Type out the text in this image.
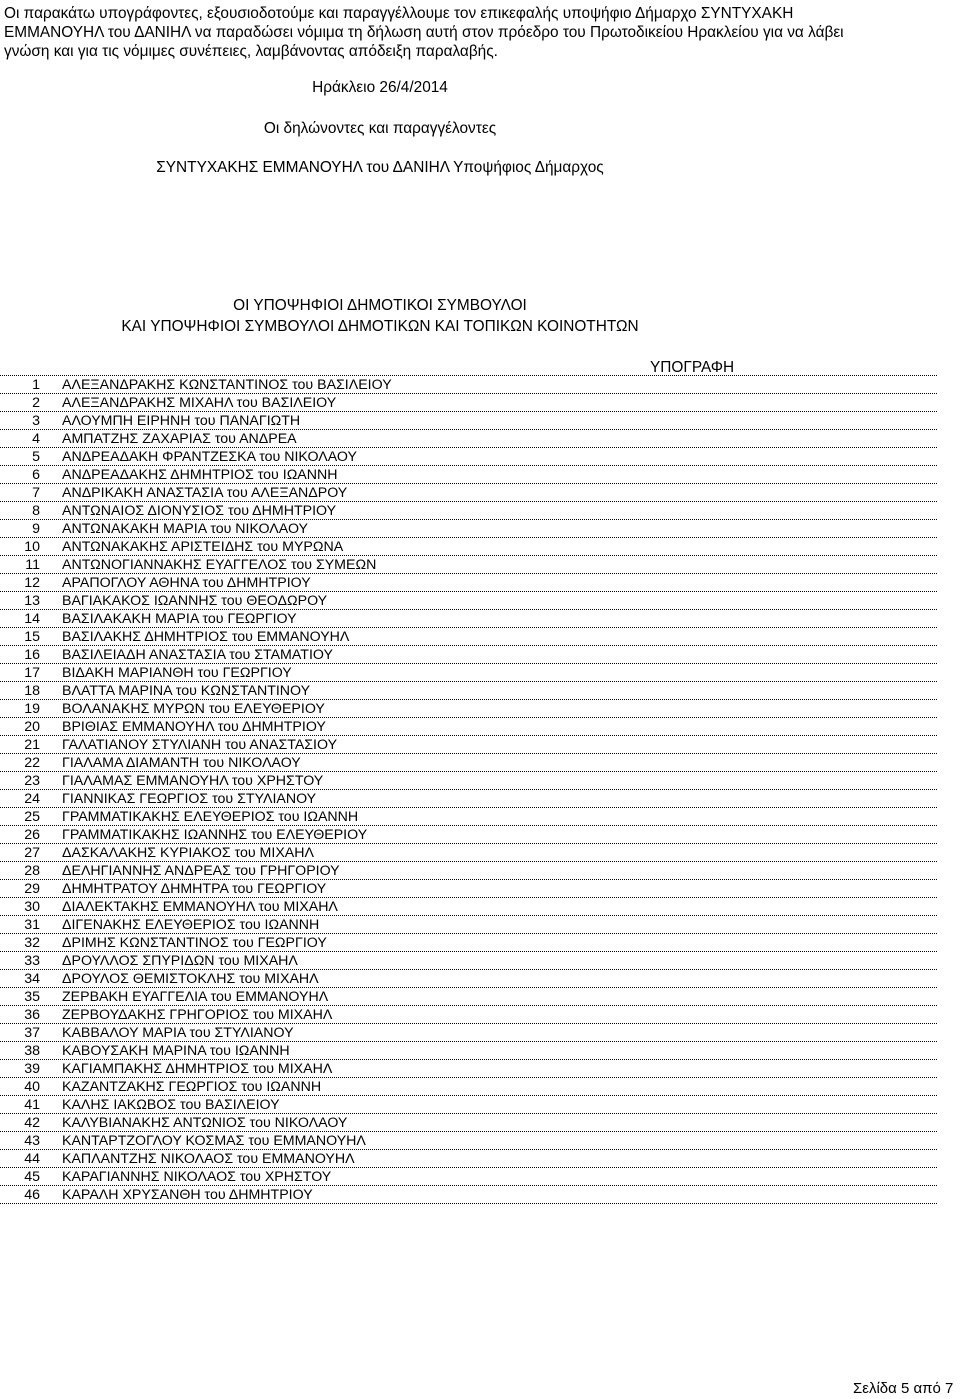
Οι παρακάτω υπογράφοντες, εξουσιοδοτούμε και παραγγέλλουμε τον επικεφαλής υποψήφιο Δήμαρχο ΣΥΝΤΥΧΑΚΗ
ΕΜΜΑΝΟΥΗΛ του ΔΑΝΙΗΛ να παραδώσει νόμιμα τη δήλωση αυτή στον πρόεδρο του Πρωτοδικείου Ηρακλείου για να λάβει
γνώση και για τις νόμιμες συνέπειες, λαμβάνοντας απόδειξη παραλαβής.
Ηράκλειο 26/4/2014
Οι δηλώνοντες και παραγγέλοντες
ΣΥΝΤΥΧΑΚΗΣ ΕΜΜΑΝΟΥΗΛ του ΔΑΝΙΗΛ Υποψήφιος Δήμαρχος
ΟΙ ΥΠΟΨΗΦΙΟΙ ΔΗΜΟΤΙΚΟΙ ΣΥΜΒΟΥΛΟΙ
ΚΑΙ ΥΠΟΨΗΦΙΟΙ ΣΥΜΒΟΥΛΟΙ ΔΗΜΟΤΙΚΩΝ ΚΑΙ ΤΟΠΙΚΩΝ ΚΟΙΝΟΤΗΤΩΝ
ΥΠΟΓΡΑΦΗ
1 ΑΛΕΞΑΝΔΡΑΚΗΣ ΚΩΝΣΤΑΝΤΙΝΟΣ του ΒΑΣΙΛΕΙΟΥ
2 ΑΛΕΞΑΝΔΡΑΚΗΣ ΜΙΧΑΗΛ του ΒΑΣΙΛΕΙΟΥ
3 ΑΛΟΥΜΠΗ ΕΙΡΗΝΗ του ΠΑΝΑΓΙΩΤΗ
4 ΑΜΠΑΤΖΗΣ ΖΑΧΑΡΙΑΣ του ΑΝΔΡΕΑ
5 ΑΝΔΡΕΑΔΑΚΗ ΦΡΑΝΤΖΕΣΚΑ του ΝΙΚΟΛΑΟΥ
6 ΑΝΔΡΕΑΔΑΚΗΣ ΔΗΜΗΤΡΙΟΣ του ΙΩΑΝΝΗ
7 ΑΝΔΡΙΚΑΚΗ ΑΝΑΣΤΑΣΙΑ του ΑΛΕΞΑΝΔΡΟΥ
8 ΑΝΤΩΝΑΙΟΣ ΔΙΟΝΥΣΙΟΣ του ΔΗΜΗΤΡΙΟΥ
9 ΑΝΤΩΝΑΚΑΚΗ ΜΑΡΙΑ του ΝΙΚΟΛΑΟΥ
10 ΑΝΤΩΝΑΚΑΚΗΣ ΑΡΙΣΤΕΙΔΗΣ του ΜΥΡΩΝΑ
11 ΑΝΤΩΝΟΓΙΑΝΝΑΚΗΣ ΕΥΑΓΓΕΛΟΣ του ΣΥΜΕΩΝ
12 ΑΡΑΠΟΓΛΟΥ ΑΘΗΝΑ του ΔΗΜΗΤΡΙΟΥ
13 ΒΑΓΙΑΚΑΚΟΣ ΙΩΑΝΝΗΣ του ΘΕΟΔΩΡΟΥ
14 ΒΑΣΙΛΑΚΑΚΗ ΜΑΡΙΑ του ΓΕΩΡΓΙΟΥ
15 ΒΑΣΙΛΑΚΗΣ ΔΗΜΗΤΡΙΟΣ του ΕΜΜΑΝΟΥΗΛ
16 ΒΑΣΙΛΕΙΑΔΗ ΑΝΑΣΤΑΣΙΑ του ΣΤΑΜΑΤΙΟΥ
17 ΒΙΔΑΚΗ ΜΑΡΙΑΝΘΗ του ΓΕΩΡΓΙΟΥ
18 ΒΛΑΤΤΑ ΜΑΡΙΝΑ του ΚΩΝΣΤΑΝΤΙΝΟΥ
19 ΒΟΛΑΝΑΚΗΣ ΜΥΡΩΝ του ΕΛΕΥΘΕΡΙΟΥ
20 ΒΡΙΘΙΑΣ ΕΜΜΑΝΟΥΗΛ του ΔΗΜΗΤΡΙΟΥ
21 ΓΑΛΑΤΙΑΝΟΥ ΣΤΥΛΙΑΝΗ του ΑΝΑΣΤΑΣΙΟΥ
22 ΓΙΑΛΑΜΑ ΔΙΑΜΑΝΤΗ του ΝΙΚΟΛΑΟΥ
23 ΓΙΑΛΑΜΑΣ ΕΜΜΑΝΟΥΗΛ του ΧΡΗΣΤΟΥ
24 ΓΙΑΝΝΙΚΑΣ ΓΕΩΡΓΙΟΣ του ΣΤΥΛΙΑΝΟΥ
25 ΓΡΑΜΜΑΤΙΚΑΚΗΣ ΕΛΕΥΘΕΡΙΟΣ του ΙΩΑΝΝΗ
26 ΓΡΑΜΜΑΤΙΚΑΚΗΣ ΙΩΑΝΝΗΣ του ΕΛΕΥΘΕΡΙΟΥ
27 ΔΑΣΚΑΛΑΚΗΣ ΚΥΡΙΑΚΟΣ του ΜΙΧΑΗΛ
28 ΔΕΛΗΓΙΑΝΝΗΣ ΑΝΔΡΕΑΣ του ΓΡΗΓΟΡΙΟΥ
29 ΔΗΜΗΤΡΑΤΟΥ ΔΗΜΗΤΡΑ του ΓΕΩΡΓΙΟΥ
30 ΔΙΑΛΕΚΤΑΚΗΣ ΕΜΜΑΝΟΥΗΛ του ΜΙΧΑΗΛ
31 ΔΙΓΕΝΑΚΗΣ ΕΛΕΥΘΕΡΙΟΣ του ΙΩΑΝΝΗ
32 ΔΡΙΜΗΣ ΚΩΝΣΤΑΝΤΙΝΟΣ του ΓΕΩΡΓΙΟΥ
33 ΔΡΟΥΛΛΟΣ ΣΠΥΡΙΔΩΝ του ΜΙΧΑΗΛ
34 ΔΡΟΥΛΟΣ ΘΕΜΙΣΤΟΚΛΗΣ του ΜΙΧΑΗΛ
35 ΖΕΡΒΑΚΗ ΕΥΑΓΓΕΛΙΑ του ΕΜΜΑΝΟΥΗΛ
36 ΖΕΡΒΟΥΔΑΚΗΣ ΓΡΗΓΟΡΙΟΣ του ΜΙΧΑΗΛ
37 ΚΑΒΒΑΛΟΥ ΜΑΡΙΑ του ΣΤΥΛΙΑΝΟΥ
38 ΚΑΒΟΥΣΑΚΗ ΜΑΡΙΝΑ του ΙΩΑΝΝΗ
39 ΚΑΓΙΑΜΠΑΚΗΣ ΔΗΜΗΤΡΙΟΣ του ΜΙΧΑΗΛ
40 ΚΑΖΑΝΤΖΑΚΗΣ ΓΕΩΡΓΙΟΣ του ΙΩΑΝΝΗ
41 ΚΑΛΗΣ ΙΑΚΩΒΟΣ του ΒΑΣΙΛΕΙΟΥ
42 ΚΑΛΥΒΙΑΝΑΚΗΣ ΑΝΤΩΝΙΟΣ του ΝΙΚΟΛΑΟΥ
43 ΚΑΝΤΑΡΤΖΟΓΛΟΥ ΚΟΣΜΑΣ του ΕΜΜΑΝΟΥΗΛ
44 ΚΑΠΛΑΝΤΖΗΣ ΝΙΚΟΛΑΟΣ του ΕΜΜΑΝΟΥΗΛ
45 ΚΑΡΑΓΙΑΝΝΗΣ ΝΙΚΟΛΑΟΣ του ΧΡΗΣΤΟΥ
46 ΚΑΡΑΛΗ ΧΡΥΣΑΝΘΗ του ΔΗΜΗΤΡΙΟΥ
Σελίδα 5 από 7
